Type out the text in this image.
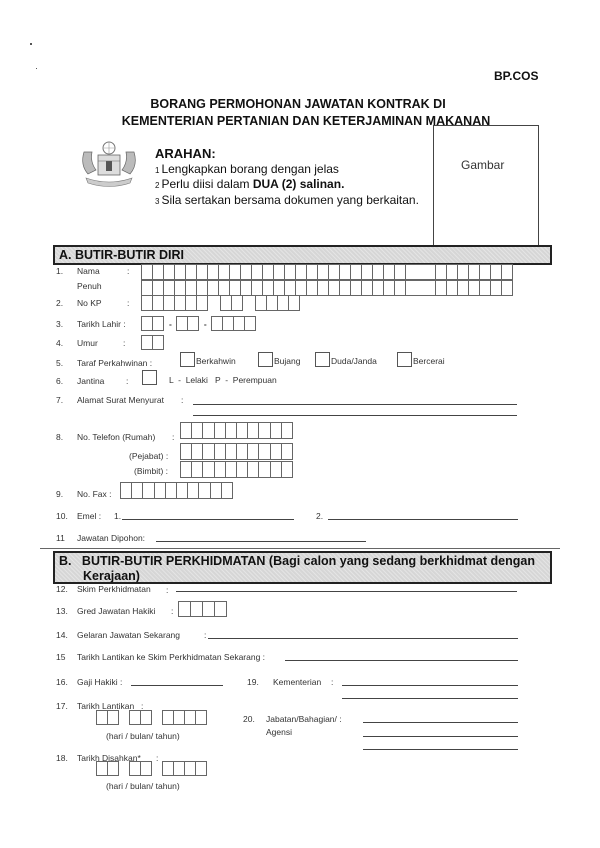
BP.COS
BORANG PERMOHONAN JAWATAN KONTRAK DI
KEMENTERIAN PERTANIAN DAN KETERJAMINAN MAKANAN
ARAHAN:
1 Lengkapkan borang dengan jelas
2 Perlu diisi dalam DUA (2) salinan.
3 Sila sertakan bersama dokumen yang berkaitan.
Gambar
A. BUTIR-BUTIR DIRI
1. Nama
Penuh
:
2. No KP	:
3. Tarikh Lahir :	-	-
4. Umur	:
5. Taraf Perkahwinan :	Berkahwin	Bujang	Duda/Janda	Bercerai
6. Jantina	:	L  -  Lelaki   P  -  Perempuan
7. Alamat Surat Menyurat :
8. No. Telefon (Rumah) :
(Pejabat) :
(Bimbit) :
9. No. Fax :
10. Emel : 1.	2.
11 Jawatan Dipohon:
B.   BUTIR-BUTIR PERKHIDMATAN (Bagi calon yang sedang berkhidmat dengan
Kerajaan)
12. Skim Perkhidmatan :
13. Gred Jawatan Hakiki :
14. Gelaran Jawatan Sekarang	:
15 Tarikh Lantikan ke Skim Perkhidmatan Sekarang :
16. Gaji Hakiki :	19. Kementerian :
17. Tarikh Lantikan :
(hari / bulan/ tahun)
20. Jabatan/Bahagian/ :
Agensi
18. Tarikh Disahkan* :
(hari / bulan/ tahun)
